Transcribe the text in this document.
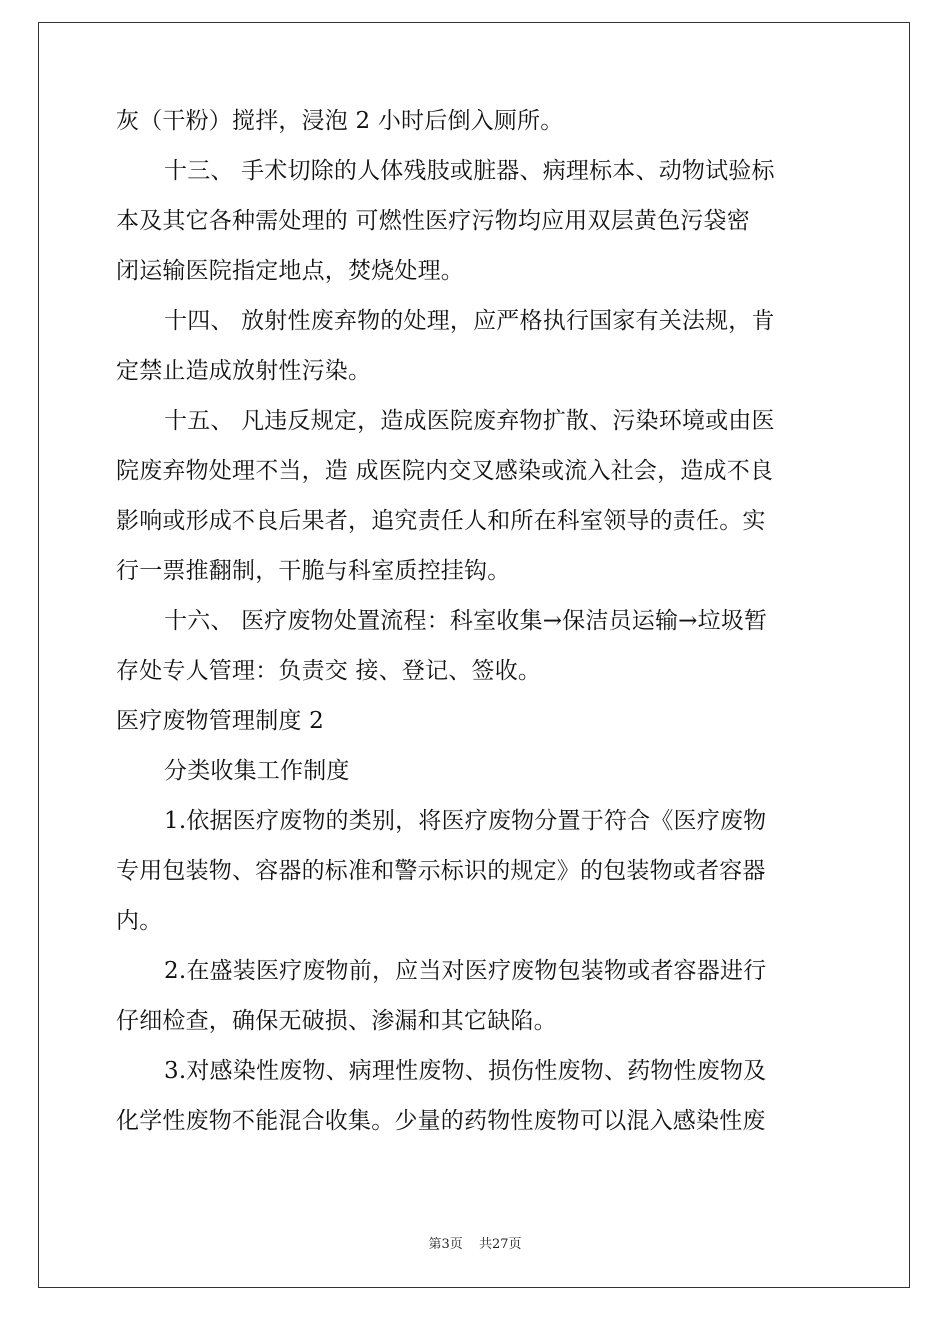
灰（干粉）搅拌，浸泡 2 小时后倒入厕所。
十三、 手术切除的人体残肢或脏器、病理标本、动物试验标
本及其它各种需处理的 可燃性医疗污物均应用双层黄色污袋密
闭运输医院指定地点，焚烧处理。
十四、 放射性废弃物的处理，应严格执行国家有关法规，肯
定禁止造成放射性污染。
十五、 凡违反规定，造成医院废弃物扩散、污染环境或由医
院废弃物处理不当，造 成医院内交叉感染或流入社会，造成不良
影响或形成不良后果者，追究责任人和所在科室领导的责任。实
行一票推翻制，干脆与科室质控挂钩。
十六、 医疗废物处置流程：科室收集→保洁员运输→垃圾暂
存处专人管理：负责交 接、登记、签收。
医疗废物管理制度 2
分类收集工作制度
1.依据医疗废物的类别，将医疗废物分置于符合《医疗废物
专用包装物、容器的标准和警示标识的规定》的包装物或者容器
内。
2.在盛装医疗废物前，应当对医疗废物包装物或者容器进行
仔细检查，确保无破损、渗漏和其它缺陷。
3.对感染性废物、病理性废物、损伤性废物、药物性废物及
化学性废物不能混合收集。少量的药物性废物可以混入感染性废
第3页 共27页
